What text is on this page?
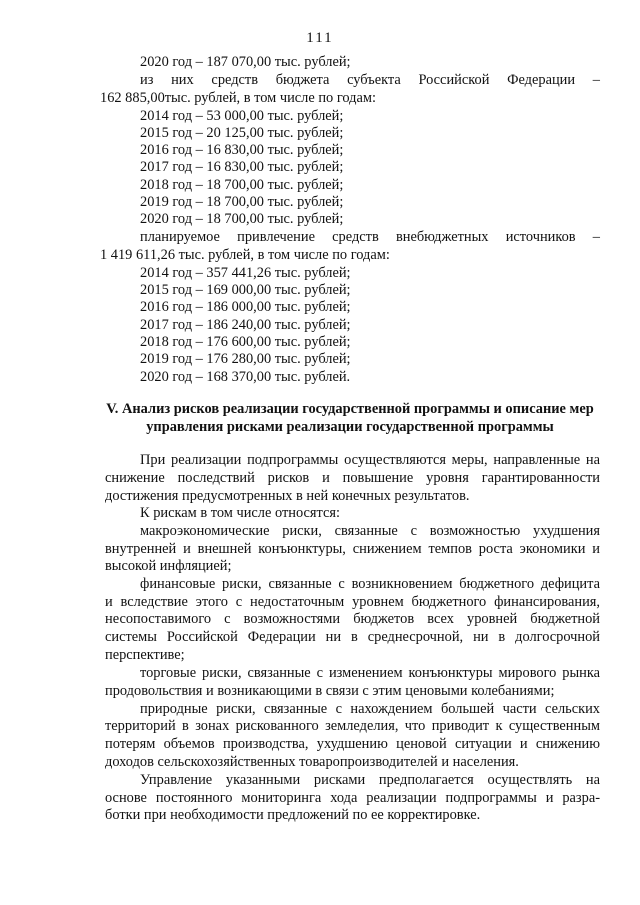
111
2020 год – 187 070,00 тыс. рублей;
из них средств бюджета субъекта Российской Федерации –
162 885,00тыс. рублей, в том числе по годам:
2014 год – 53 000,00 тыс. рублей;
2015 год – 20 125,00 тыс. рублей;
2016 год – 16 830,00 тыс. рублей;
2017 год – 16 830,00 тыс. рублей;
2018 год – 18 700,00 тыс. рублей;
2019 год – 18 700,00 тыс. рублей;
2020 год – 18 700,00 тыс. рублей;
планируемое привлечение средств внебюджетных источников –
1 419 611,26 тыс. рублей, в том числе по годам:
2014 год – 357 441,26 тыс. рублей;
2015 год – 169 000,00 тыс. рублей;
2016 год – 186 000,00 тыс. рублей;
2017 год – 186 240,00 тыс. рублей;
2018 год – 176 600,00 тыс. рублей;
2019 год – 176 280,00 тыс. рублей;
2020 год – 168 370,00 тыс. рублей.
V. Анализ рисков реализации государственной программы и описание мер
управления рисками реализации государственной программы
При реализации подпрограммы осуществляются меры, направленные на
снижение последствий рисков и повышение уровня гарантированности
достижения предусмотренных в ней конечных результатов.
К рискам в том числе относятся:
макроэкономические риски, связанные с возможностью ухудшения
внутренней и внешней конъюнктуры, снижением темпов роста экономики и
высокой инфляцией;
финансовые риски, связанные с возникновением бюджетного дефицита
и вследствие этого с недостаточным уровнем бюджетного финансирования,
несопоставимого с возможностями бюджетов всех уровней бюджетной
системы Российской Федерации ни в среднесрочной, ни в долгосрочной
перспективе;
торговые риски, связанные с изменением конъюнктуры мирового рынка
продовольствия и возникающими в связи с этим ценовыми колебаниями;
природные риски, связанные с нахождением большей части сельских
территорий в зонах рискованного земледелия, что приводит к существенным
потерям объемов производства, ухудшению ценовой ситуации и снижению
доходов сельскохозяйственных товаропроизводителей и населения.
Управление указанными рисками предполагается осуществлять на
основе постоянного мониторинга хода реализации подпрограммы и разра-
ботки при необходимости предложений по ее корректировке.
